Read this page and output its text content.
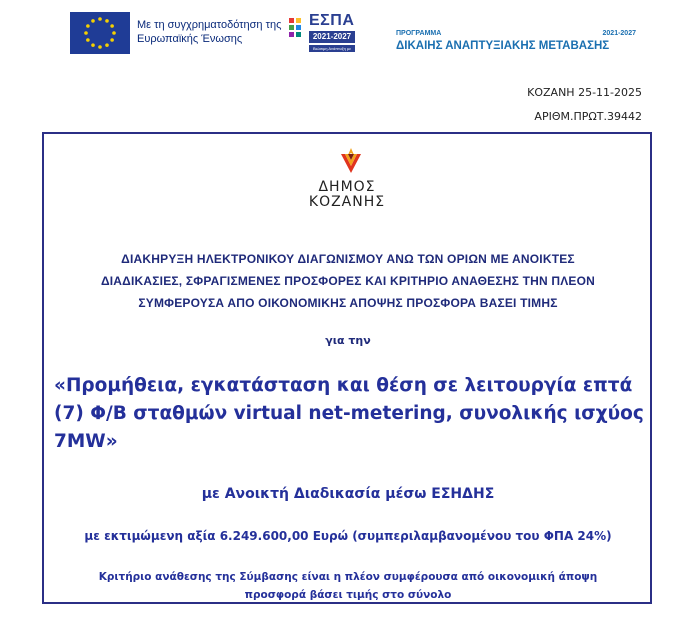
Με τη συγχρηματοδότηση της Ευρωπαϊκής Ένωσης
ΕΣΠΑ
2021-2027
Βιώσιμη Ανάπτυξη με Όραμα
ΠΡΟΓΡΑΜΜΑ	2021-2027
ΔΙΚΑΙΗΣ ΑΝΑΠΤΥΞΙΑΚΗΣ ΜΕΤΑΒΑΣΗΣ
ΚΟΖΑΝΗ 25-11-2025
ΑΡΙΘΜ.ΠΡΩΤ.39442
ΔΗΜΟΣ
ΚΟΖΑΝΗΣ
ΔΙΑΚΗΡΥΞΗ ΗΛΕΚΤΡΟΝΙΚΟΥ ΔΙΑΓΩΝΙΣΜΟΥ ΑΝΩ ΤΩΝ ΟΡΙΩΝ ΜΕ ΑΝΟΙΚΤΕΣ
ΔΙΑΔΙΚΑΣΙΕΣ, ΣΦΡΑΓΙΣΜΕΝΕΣ ΠΡΟΣΦΟΡΕΣ ΚΑΙ ΚΡΙΤΗΡΙΟ ΑΝΑΘΕΣΗΣ ΤΗΝ ΠΛΕΟΝ
ΣΥΜΦΕΡΟΥΣΑ ΑΠΟ ΟΙΚΟΝΟΜΙΚΗΣ ΑΠΟΨΗΣ ΠΡΟΣΦΟΡΑ ΒΑΣΕΙ ΤΙΜΗΣ
για την
«Προμήθεια, εγκατάσταση και θέση σε λειτουργία επτά
(7) Φ/Β σταθμών virtual net-metering, συνολικής ισχύος
7MW»
με Ανοικτή Διαδικασία μέσω ΕΣΗΔΗΣ
με εκτιμώμενη αξία 6.249.600,00 Ευρώ (συμπεριλαμβανομένου του ΦΠΑ 24%)
Κριτήριο ανάθεσης της Σύμβασης είναι η πλέον συμφέρουσα από οικονομική άποψη
προσφορά βάσει τιμής στο σύνολο
